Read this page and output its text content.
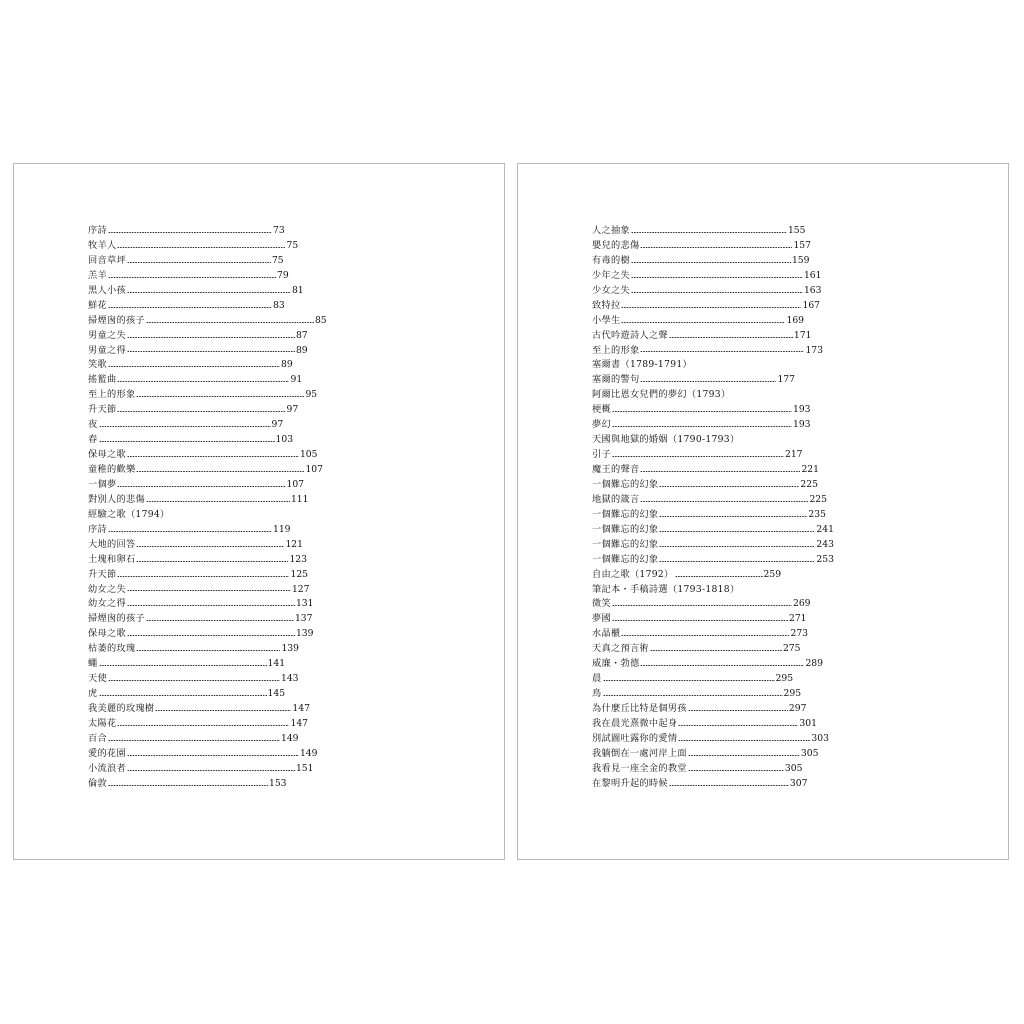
序詩	73
牧羊人	75
回音草坪	75
羔羊	79
黑人小孩	81
鮮花	83
掃煙囪的孩子	85
男童之失	87
男童之得	89
笑歌	89
搖籃曲	91
至上的形象	95
升天節	97
夜	97
春	103
保母之歌	105
童稚的歡樂	107
一個夢	107
對別人的悲傷	111
經驗之歌（1794）
序詩	119
大地的回答	121
土塊和卵石	123
升天節	125
幼女之失	127
幼女之得	131
掃煙囪的孩子	137
保母之歌	139
枯萎的玫瑰	139
蠅	141
天使	143
虎	145
我美麗的玫瑰樹	147
太陽花	147
百合	149
愛的花園	149
小流浪者	151
倫敦	153
人之抽象	155
嬰兒的悲傷	157
有毒的樹	159
少年之失	161
少女之失	163
致特拉	167
小學生	169
古代吟遊詩人之聲	171
至上的形象	173
塞爾書（1789-1791）
塞爾的警句	177
阿爾比恩女兒們的夢幻（1793）
梗概	193
夢幻	193
天國與地獄的婚姻（1790-1793）
引子	217
魔王的聲音	221
一個難忘的幻象	225
地獄的箴言	225
一個難忘的幻象	235
一個難忘的幻象	241
一個難忘的幻象	243
一個難忘的幻象	253
自由之歌（1792）	259
筆記本・手稿詩選（1793-1818）
微笑	269
夢國	271
水晶櫃	273
天真之預言術	275
威廉・勃德	289
晨	295
鳥	295
為什麼丘比特是個男孩	297
我在晨光熹微中起身	301
別試圖吐露你的愛情	303
我躺倒在一處河岸上面	305
我看見一座全金的教堂	305
在黎明升起的時候	307
